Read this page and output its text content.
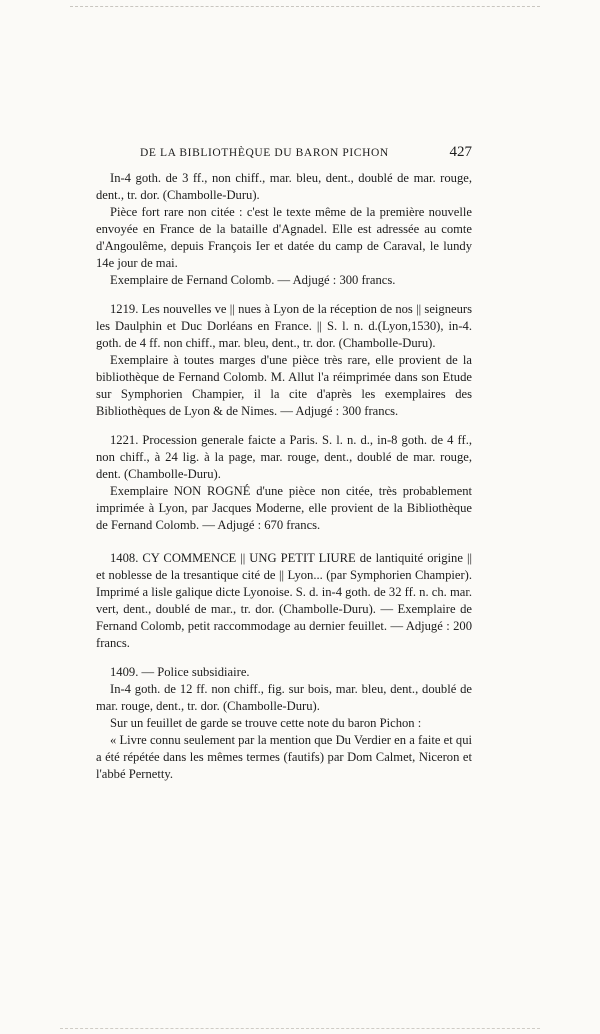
DE LA BIBLIOTHÈQUE DU BARON PICHON	427

In-4 goth. de 3 ff., non chiff., mar. bleu, dent., doublé de mar. rouge, dent., tr. dor. (Chambolle-Duru).

Pièce fort rare non citée : c'est le texte même de la première nouvelle envoyée en France de la bataille d'Agnadel. Elle est adressée au comte d'Angoulême, depuis François Ier et datée du camp de Caraval, le lundy 14e jour de mai.

Exemplaire de Fernand Colomb. — Adjugé : 300 francs.

1219. Les nouvelles ve || nues à Lyon de la réception de nos || seigneurs les Daulphin et Duc Dorléans en France. || S. l. n. d.(Lyon,1530), in-4. goth. de 4 ff. non chiff., mar. bleu, dent., tr. dor. (Chambolle-Duru).

Exemplaire à toutes marges d'une pièce très rare, elle provient de la bibliothèque de Fernand Colomb. M. Allut l'a réimprimée dans son Etude sur Symphorien Champier, il la cite d'après les exemplaires des Bibliothèques de Lyon & de Nimes. — Adjugé : 300 francs.

1221. Procession generale faicte a Paris. S. l. n. d., in-8 goth. de 4 ff., non chiff., à 24 lig. à la page, mar. rouge, dent., doublé de mar. rouge, dent. (Chambolle-Duru).

Exemplaire NON ROGNÉ d'une pièce non citée, très probablement imprimée à Lyon, par Jacques Moderne, elle provient de la Bibliothèque de Fernand Colomb. — Adjugé : 670 francs.

1408. CY COMMENCE || UNG PETIT LIURE de lantiquité origine || et noblesse de la tresantique cité de || Lyon... (par Symphorien Champier). Imprimé a lisle galique dicte Lyonoise. S. d. in-4 goth. de 32 ff. n. ch. mar. vert, dent., doublé de mar., tr. dor. (Chambolle-Duru). — Exemplaire de Fernand Colomb, petit raccommodage au dernier feuillet. — Adjugé : 200 francs.

1409. — Police subsidiaire.

In-4 goth. de 12 ff. non chiff., fig. sur bois, mar. bleu, dent., doublé de mar. rouge, dent., tr. dor. (Chambolle-Duru).

Sur un feuillet de garde se trouve cette note du baron Pichon :

« Livre connu seulement par la mention que Du Verdier en a faite et qui a été répétée dans les mêmes termes (fautifs) par Dom Calmet, Niceron et l'abbé Pernetty.
